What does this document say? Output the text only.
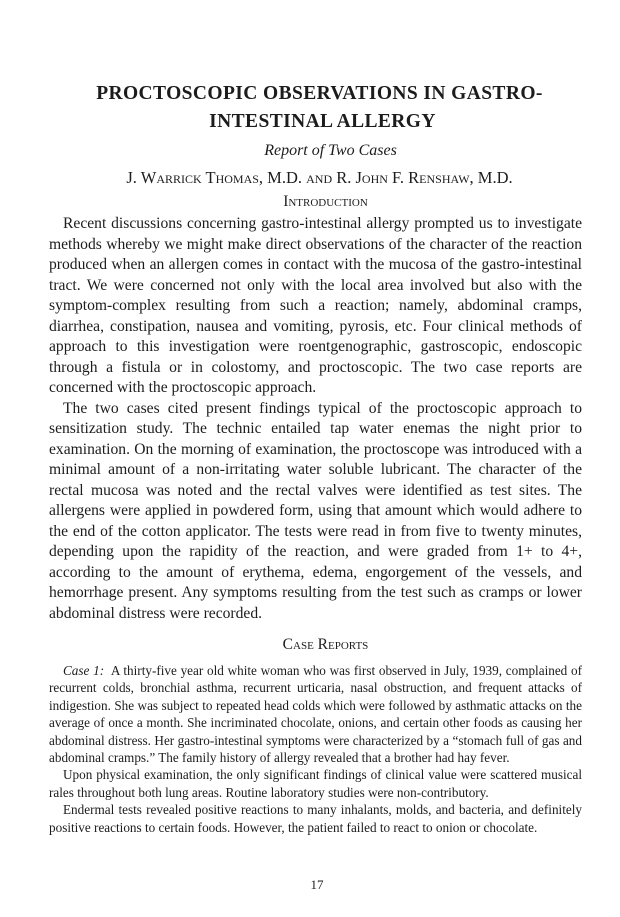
PROCTOSCOPIC OBSERVATIONS IN GASTRO-
INTESTINAL ALLERGY

Report of Two Cases

J. Warrick Thomas, M.D. and R. John F. Renshaw, M.D.

Introduction

Recent discussions concerning gastro-intestinal allergy prompted us to investigate methods whereby we might make direct observations of the character of the reaction produced when an allergen comes in contact with the mucosa of the gastro-intestinal tract. We were concerned not only with the local area involved but also with the symptom-complex resulting from such a reaction; namely, abdominal cramps, diarrhea, constipation, nausea and vomiting, pyrosis, etc. Four clinical methods of approach to this investigation were roentgenographic, gastroscopic, endoscopic through a fistula or in colostomy, and proctoscopic. The two case reports are concerned with the proctoscopic approach.

The two cases cited present findings typical of the proctoscopic approach to sensitization study. The technic entailed tap water enemas the night prior to examination. On the morning of examination, the proctoscope was introduced with a minimal amount of a non-irritating water soluble lubricant. The character of the rectal mucosa was noted and the rectal valves were identified as test sites. The allergens were applied in powdered form, using that amount which would adhere to the end of the cotton applicator. The tests were read in from five to twenty minutes, depending upon the rapidity of the reaction, and were graded from 1+ to 4+, according to the amount of erythema, edema, engorgement of the vessels, and hemorrhage present. Any symptoms resulting from the test such as cramps or lower abdominal distress were recorded.

Case Reports

Case 1: A thirty-five year old white woman who was first observed in July, 1939, complained of recurrent colds, bronchial asthma, recurrent urticaria, nasal obstruction, and frequent attacks of indigestion. She was subject to repeated head colds which were followed by asthmatic attacks on the average of once a month. She incriminated chocolate, onions, and certain other foods as causing her abdominal distress. Her gastro-intestinal symptoms were characterized by a “stomach full of gas and abdominal cramps.” The family history of allergy revealed that a brother had hay fever.

Upon physical examination, the only significant findings of clinical value were scattered musical rales throughout both lung areas. Routine laboratory studies were non-contributory.

Endermal tests revealed positive reactions to many inhalants, molds, and bacteria, and definitely positive reactions to certain foods. However, the patient failed to react to onion or chocolate.

17
